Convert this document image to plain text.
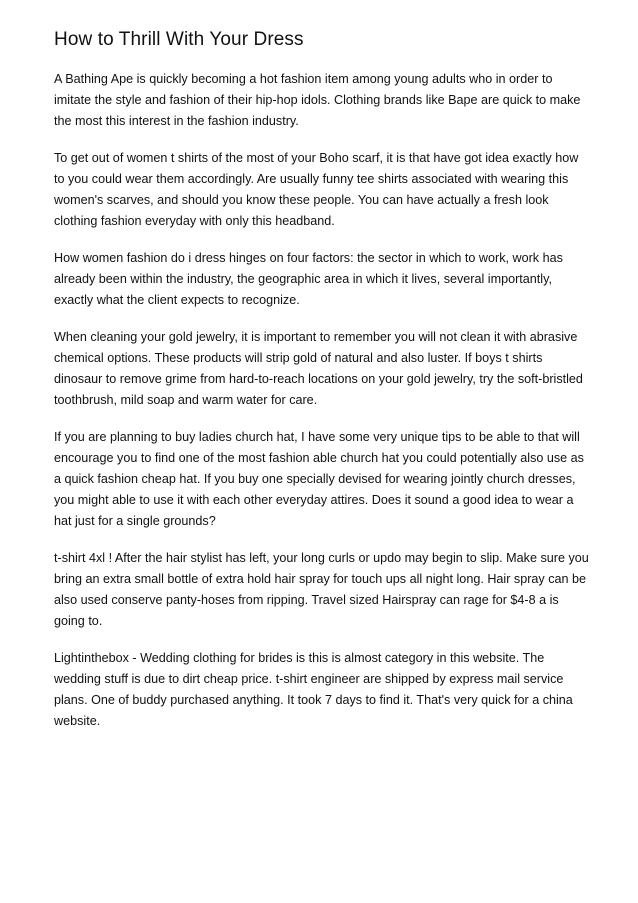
How to Thrill With Your Dress

A Bathing Ape is quickly becoming a hot fashion item among young adults who in order to imitate the style and fashion of their hip-hop idols. Clothing brands like Bape are quick to make the most this interest in the fashion industry.

To get out of women t shirts of the most of your Boho scarf, it is that have got idea exactly how to you could wear them accordingly. Are usually funny tee shirts associated with wearing this women's scarves, and should you know these people. You can have actually a fresh look clothing fashion everyday with only this headband.

How women fashion do i dress hinges on four factors: the sector in which to work, work has already been within the industry, the geographic area in which it lives, several importantly, exactly what the client expects to recognize.

When cleaning your gold jewelry, it is important to remember you will not clean it with abrasive chemical options. These products will strip gold of natural and also luster. If boys t shirts dinosaur to remove grime from hard-to-reach locations on your gold jewelry, try the soft-bristled toothbrush, mild soap and warm water for care.

If you are planning to buy ladies church hat, I have some very unique tips to be able to that will encourage you to find one of the most fashion able church hat you could potentially also use as a quick fashion cheap hat. If you buy one specially devised for wearing jointly church dresses, you might able to use it with each other everyday attires. Does it sound a good idea to wear a hat just for a single grounds?

t-shirt 4xl ! After the hair stylist has left, your long curls or updo may begin to slip. Make sure you bring an extra small bottle of extra hold hair spray for touch ups all night long. Hair spray can be also used conserve panty-hoses from ripping. Travel sized Hairspray can rage for $4-8 a is going to.

Lightinthebox - Wedding clothing for brides is this is almost category in this website. The wedding stuff is due to dirt cheap price. t-shirt engineer are shipped by express mail service plans. One of buddy purchased anything. It took 7 days to find it. That's very quick for a china website.
